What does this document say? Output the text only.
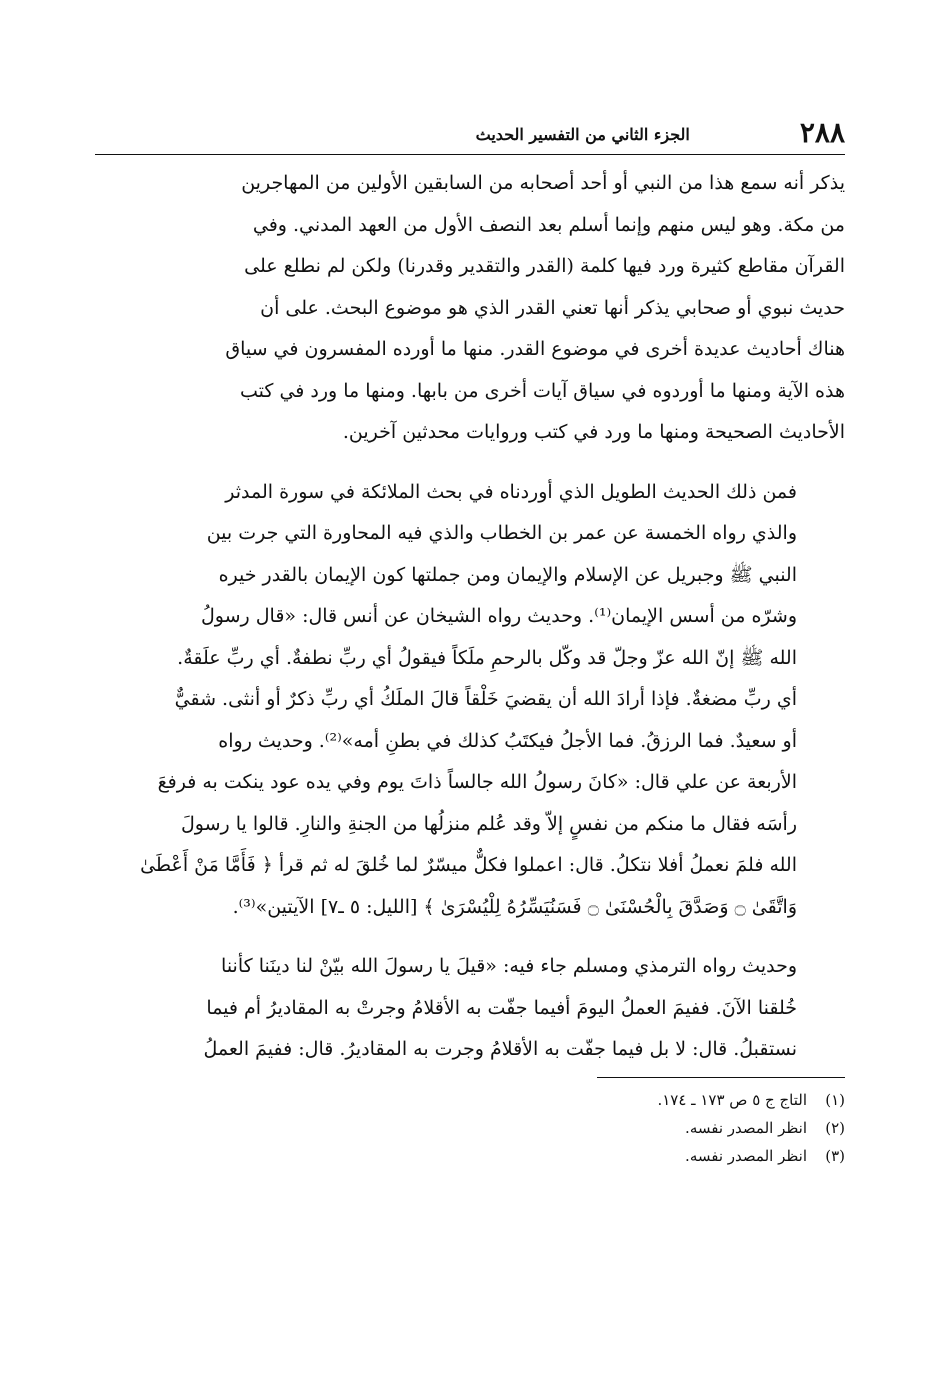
٢٨٨
الجزء الثاني من التفسير الحديث

يذكر أنه سمع هذا من النبي أو أحد أصحابه من السابقين الأولين من المهاجرين
من مكة. وهو ليس منهم وإنما أسلم بعد النصف الأول من العهد المدني. وفي
القرآن مقاطع كثيرة ورد فيها كلمة (القدر والتقدير وقدرنا) ولكن لم نطلع على
حديث نبوي أو صحابي يذكر أنها تعني القدر الذي هو موضوع البحث. على أن
هناك أحاديث عديدة أخرى في موضوع القدر. منها ما أورده المفسرون في سياق
هذه الآية ومنها ما أوردوه في سياق آيات أخرى من بابها. ومنها ما ورد في كتب
الأحاديث الصحيحة ومنها ما ورد في كتب وروايات محدثين آخرين.

فمن ذلك الحديث الطويل الذي أوردناه في بحث الملائكة في سورة المدثر
والذي رواه الخمسة عن عمر بن الخطاب والذي فيه المحاورة التي جرت بين
النبي ﷺ وجبريل عن الإسلام والإيمان ومن جملتها كون الإيمان بالقدر خيره
وشرّه من أسس الإيمان⁽¹⁾. وحديث رواه الشيخان عن أنس قال: «قال رسولُ
الله ﷺ إنّ الله عزّ وجلّ قد وكّل بالرحمِ ملَكاً فيقولُ أي ربِّ نطفةٌ. أي ربِّ علَقةٌ.
أي ربِّ مضغةٌ. فإذا أرادَ الله أن يقضيَ خَلْقاً قالَ الملَكُ أي ربِّ ذكرٌ أو أنثى. شقيٌّ
أو سعيدٌ. فما الرزقُ. فما الأجلُ فيكتَبُ كذلك في بطنِ أمه»⁽²⁾. وحديث رواه
الأربعة عن علي قال: «كانَ رسولُ الله جالساً ذاتَ يوم وفي يده عود ينكت به فرفعَ
رأسَه فقال ما منكم من نفسٍ إلاّ وقد عُلم منزلُها من الجنةِ والنارِ. قالوا يا رسولَ
الله فلمَ نعملُ أفلا نتكلُ. قال: اعملوا فكلٌّ ميسّرٌ لما خُلقَ له ثم قرأ ﴿ فَأَمَّا مَنْ أَعْطَىٰ
وَاتَّقَىٰ ۝ وَصَدَّقَ بِالْحُسْنَىٰ ۝ فَسَنُيَسِّرُهُ لِلْيُسْرَىٰ ﴾ [الليل: ٥ ـ٧] الآيتين»⁽³⁾.

وحديث رواه الترمذي ومسلم جاء فيه: «قيلَ يا رسولَ الله بيّنْ لنا دينَنا كأننا
خُلقنا الآنَ. ففيمَ العملُ اليومَ أفيما جفّت به الأقلامُ وجرتْ به المقاديرُ أم فيما
نستقبلُ. قال: لا بل فيما جفّت به الأقلامُ وجرت به المقاديرُ. قال: ففيمَ العملُ

(١)
التاج ج ٥ ص ١٧٣ ـ ١٧٤.
(٢)
انظر المصدر نفسه.
(٣)
انظر المصدر نفسه.
